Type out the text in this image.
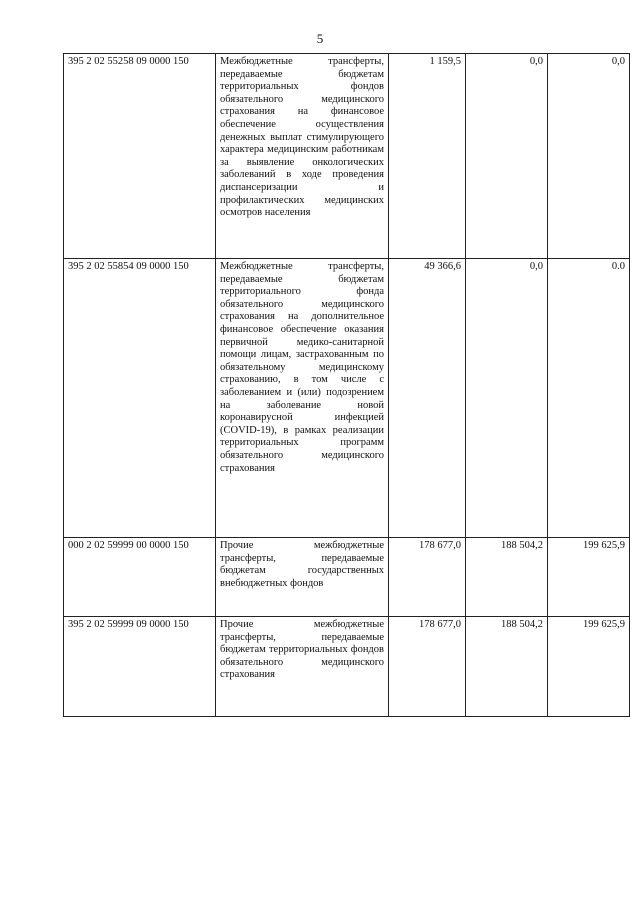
5
395 2 02 55258 09 0000 150	Межбюджетные трансферты, передаваемые бюджетам территориальных фондов обязательного медицинского страхования на финансовое обеспечение осуществления денежных выплат стимулирующего характера медицинским работникам за выявление онкологических заболеваний в ходе проведения диспансеризации и профилактических медицинских осмотров населения	1 159,5	0,0	0,0
395 2 02 55854 09 0000 150	Межбюджетные трансферты, передаваемые бюджетам территориального фонда обязательного медицинского страхования на дополнительное финансовое обеспечение оказания первичной медико-санитарной помощи лицам, застрахованным по обязательному медицинскому страхованию, в том числе с заболеванием и (или) подозрением на заболевание новой коронавирусной инфекцией (COVID-19), в рамках реализации территориальных программ обязательного медицинского страхования	49 366,6	0,0	0.0
000 2 02 59999 00 0000 150	Прочие межбюджетные трансферты, передаваемые бюджетам государственных внебюджетных фондов	178 677,0	188 504,2	199 625,9
395 2 02 59999 09 0000 150	Прочие межбюджетные трансферты, передаваемые бюджетам территориальных фондов обязательного медицинского страхования	178 677,0	188 504,2	199 625,9
